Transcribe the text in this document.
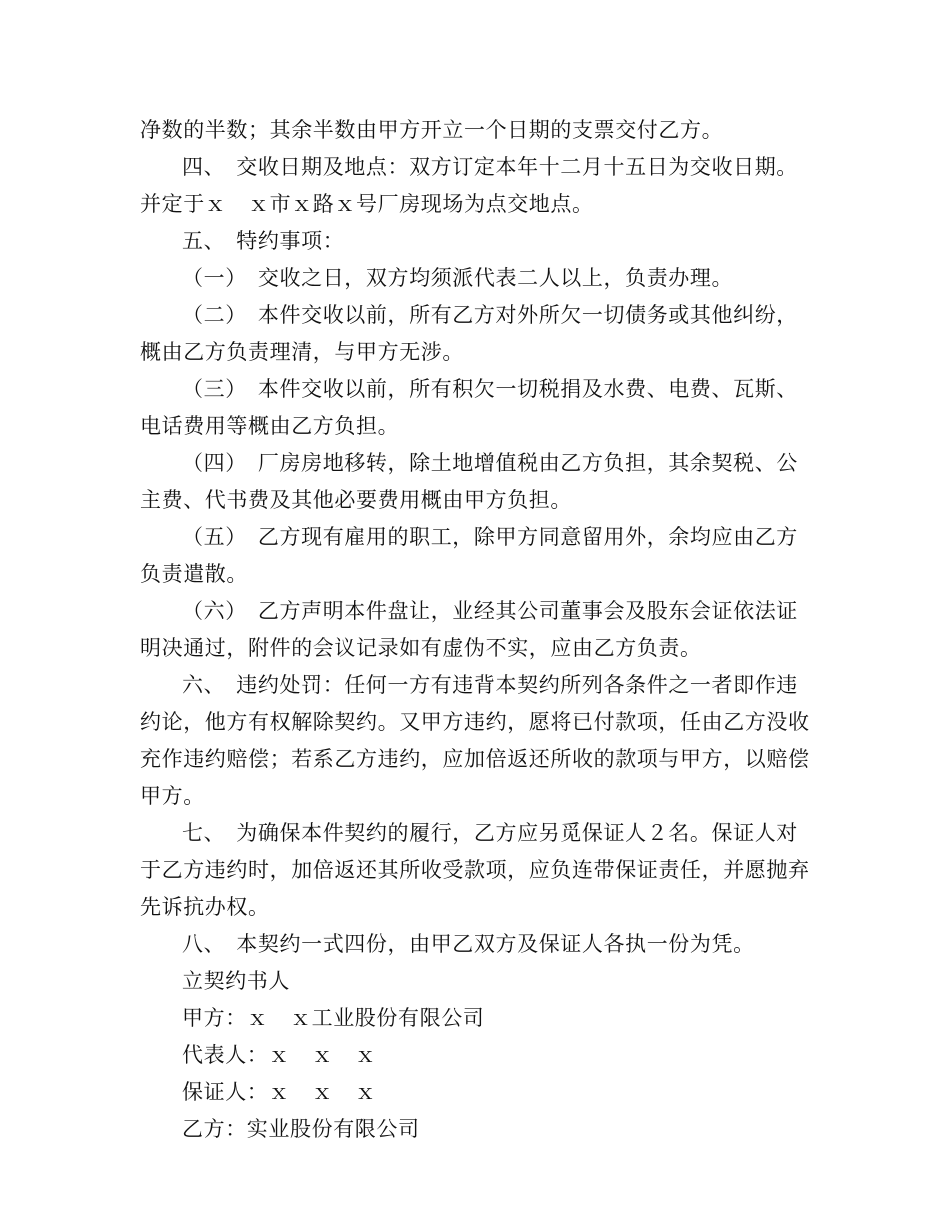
净数的半数；其余半数由甲方开立一个日期的支票交付乙方。
四、　交收日期及地点：双方订定本年十二月十五日为交收日期。
并定于ｘ　ｘ市ｘ路ｘ号厂房现场为点交地点。
五、　特约事项：
（一）　交收之日，双方均须派代表二人以上，负责办理。
（二）　本件交收以前，所有乙方对外所欠一切债务或其他纠纷，
概由乙方负责理清，与甲方无涉。
（三）　本件交收以前，所有积欠一切税捐及水费、电费、瓦斯、
电话费用等概由乙方负担。
（四）　厂房房地移转，除土地增值税由乙方负担，其余契税、公
主费、代书费及其他必要费用概由甲方负担。
（五）　乙方现有雇用的职工，除甲方同意留用外，余均应由乙方
负责遣散。
（六）　乙方声明本件盘让，业经其公司董事会及股东会证依法证
明决通过，附件的会议记录如有虚伪不实，应由乙方负责。
六、　违约处罚：任何一方有违背本契约所列各条件之一者即作违
约论，他方有权解除契约。又甲方违约，愿将已付款项，任由乙方没收
充作违约赔偿；若系乙方违约，应加倍返还所收的款项与甲方，以赔偿
甲方。
七、　为确保本件契约的履行，乙方应另觅保证人２名。保证人对
于乙方违约时，加倍返还其所收受款项，应负连带保证责任，并愿抛弃
先诉抗办权。
八、　本契约一式四份，由甲乙双方及保证人各执一份为凭。
立契约书人
甲方：ｘ　ｘ工业股份有限公司
代表人：ｘ　ｘ　ｘ
保证人：ｘ　ｘ　ｘ
乙方：实业股份有限公司
